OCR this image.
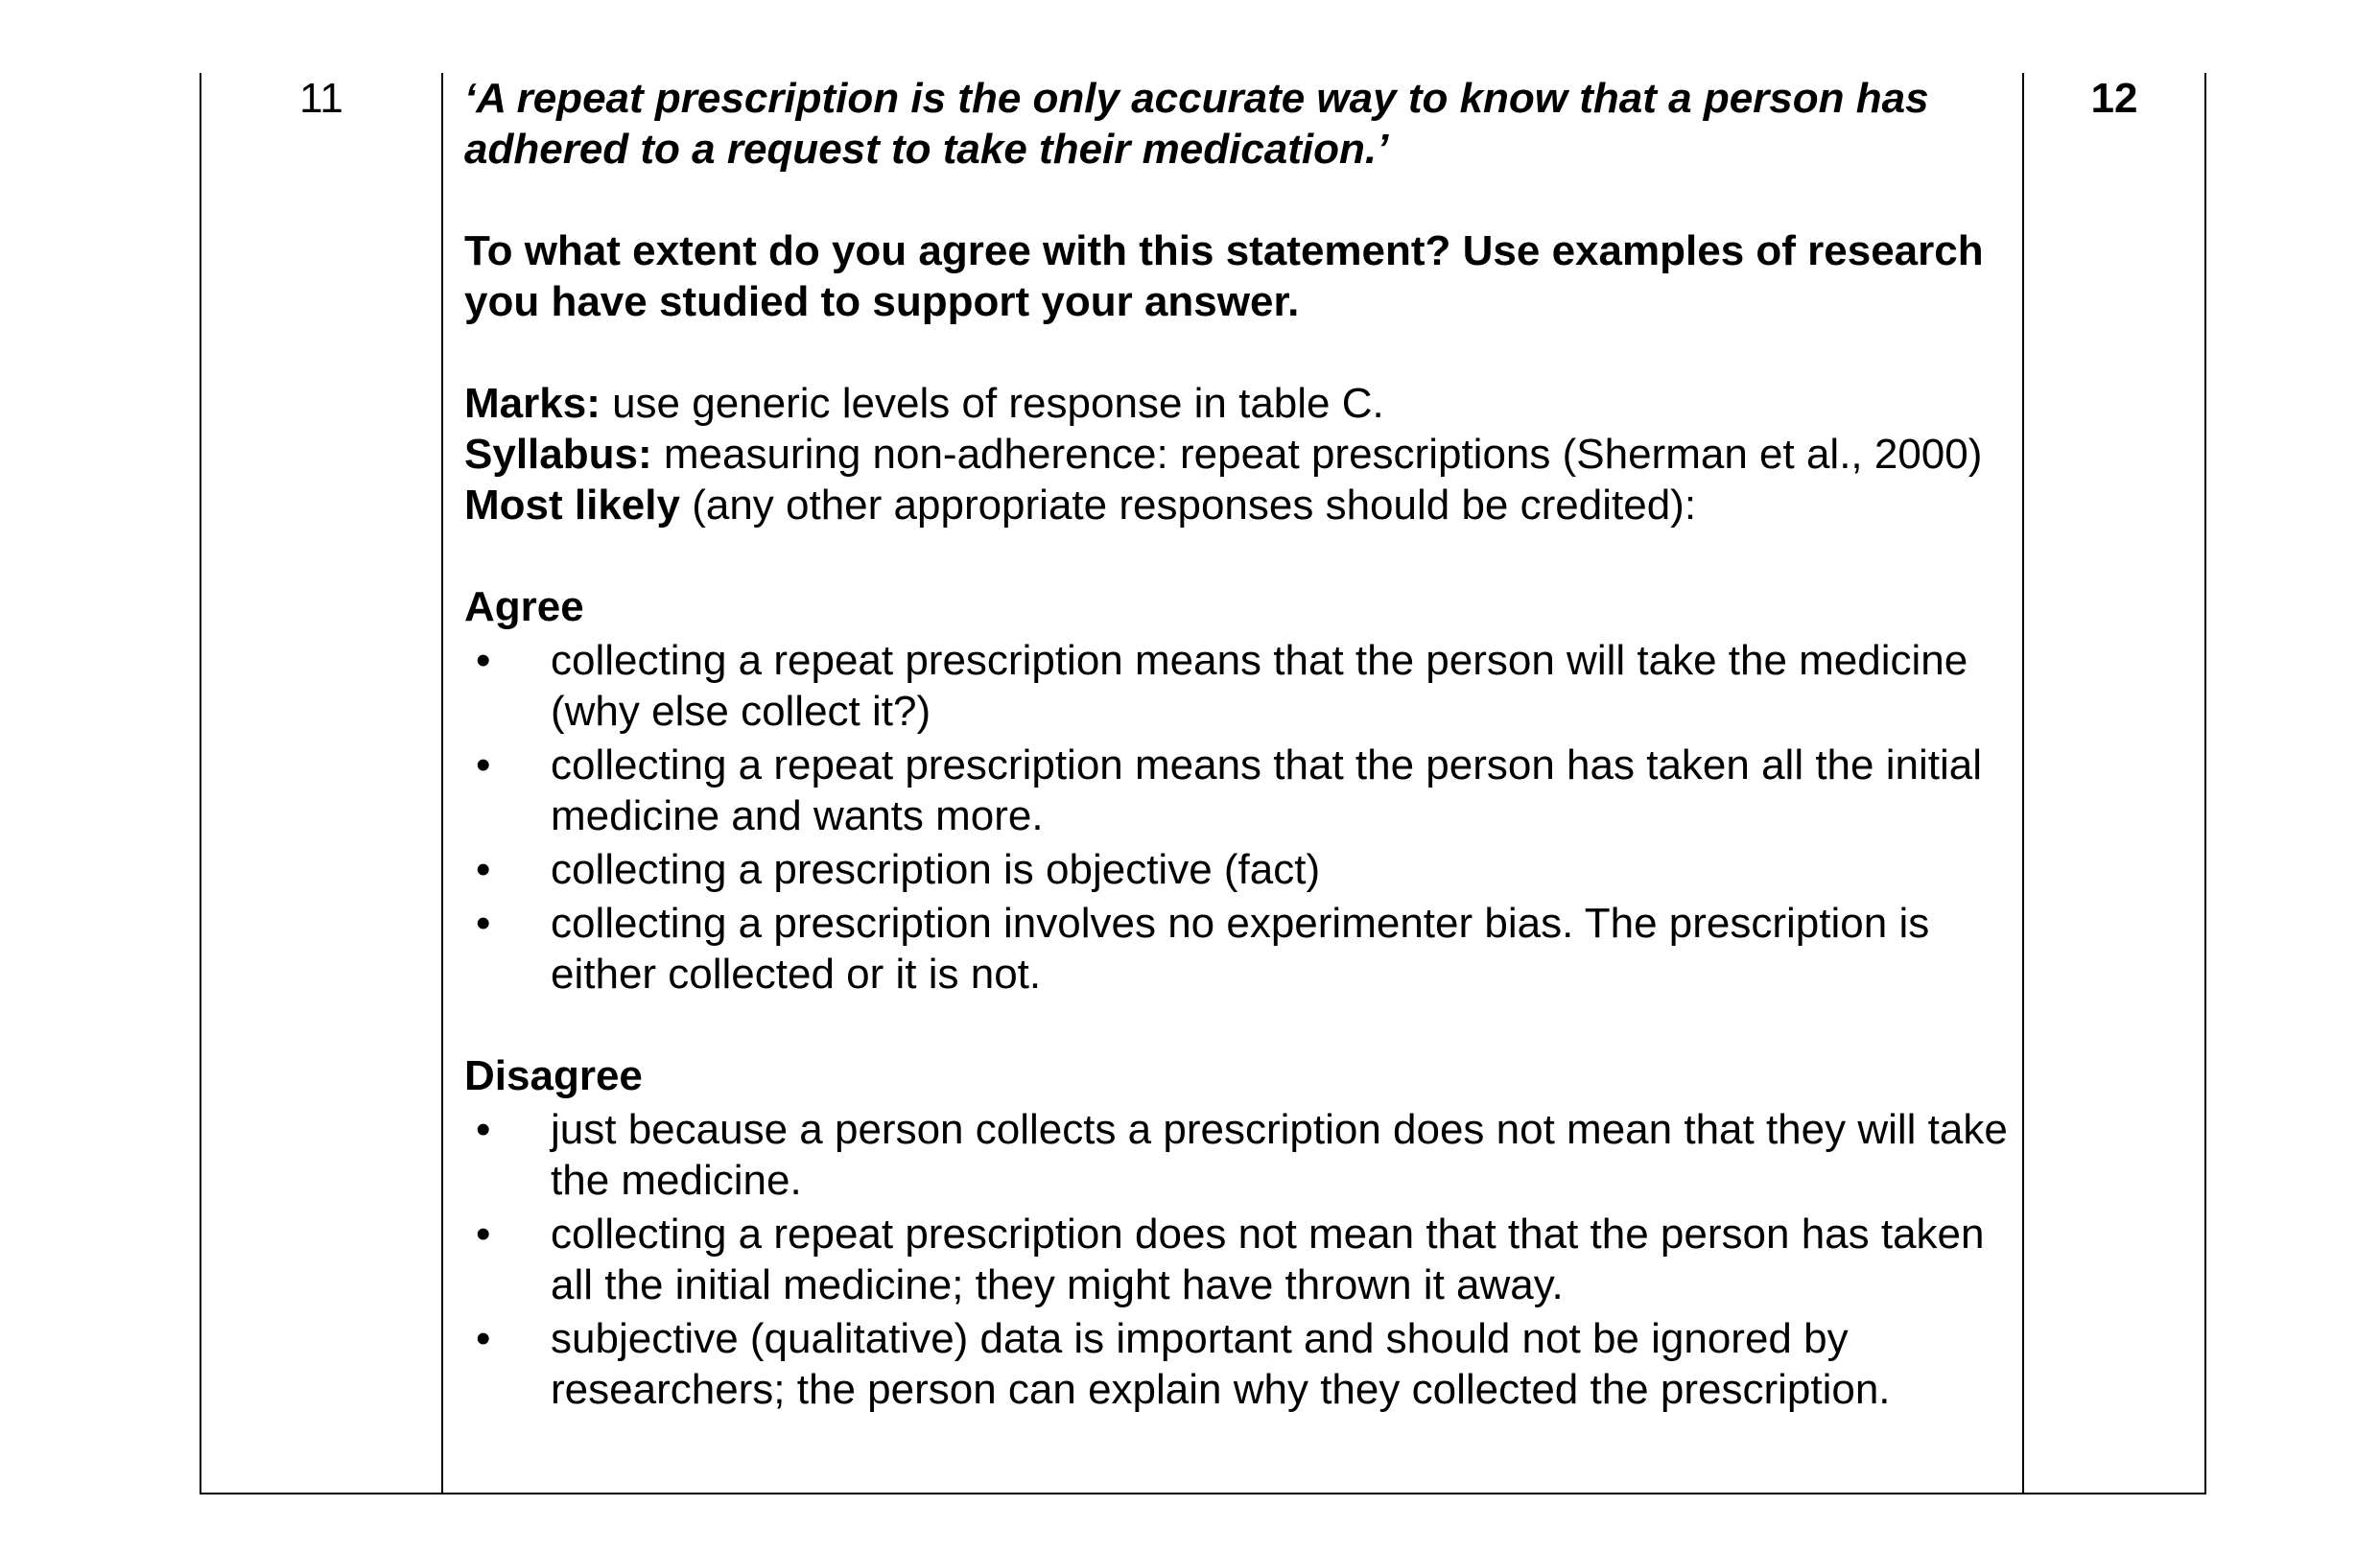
11	‘A repeat prescription is the only accurate way to know that a person has adhered to a request to take their medication.’
To what extent do you agree with this statement? Use examples of research you have studied to support your answer.
Marks: use generic levels of response in table C.
Syllabus: measuring non-adherence: repeat prescriptions (Sherman et al., 2000)
Most likely (any other appropriate responses should be credited):
Agree
• collecting a repeat prescription means that the person will take the medicine (why else collect it?)
• collecting a repeat prescription means that the person has taken all the initial medicine and wants more.
• collecting a prescription is objective (fact)
• collecting a prescription involves no experimenter bias. The prescription is either collected or it is not.
Disagree
• just because a person collects a prescription does not mean that they will take the medicine.
• collecting a repeat prescription does not mean that that the person has taken all the initial medicine; they might have thrown it away.
• subjective (qualitative) data is important and should not be ignored by researchers; the person can explain why they collected the prescription.
12
